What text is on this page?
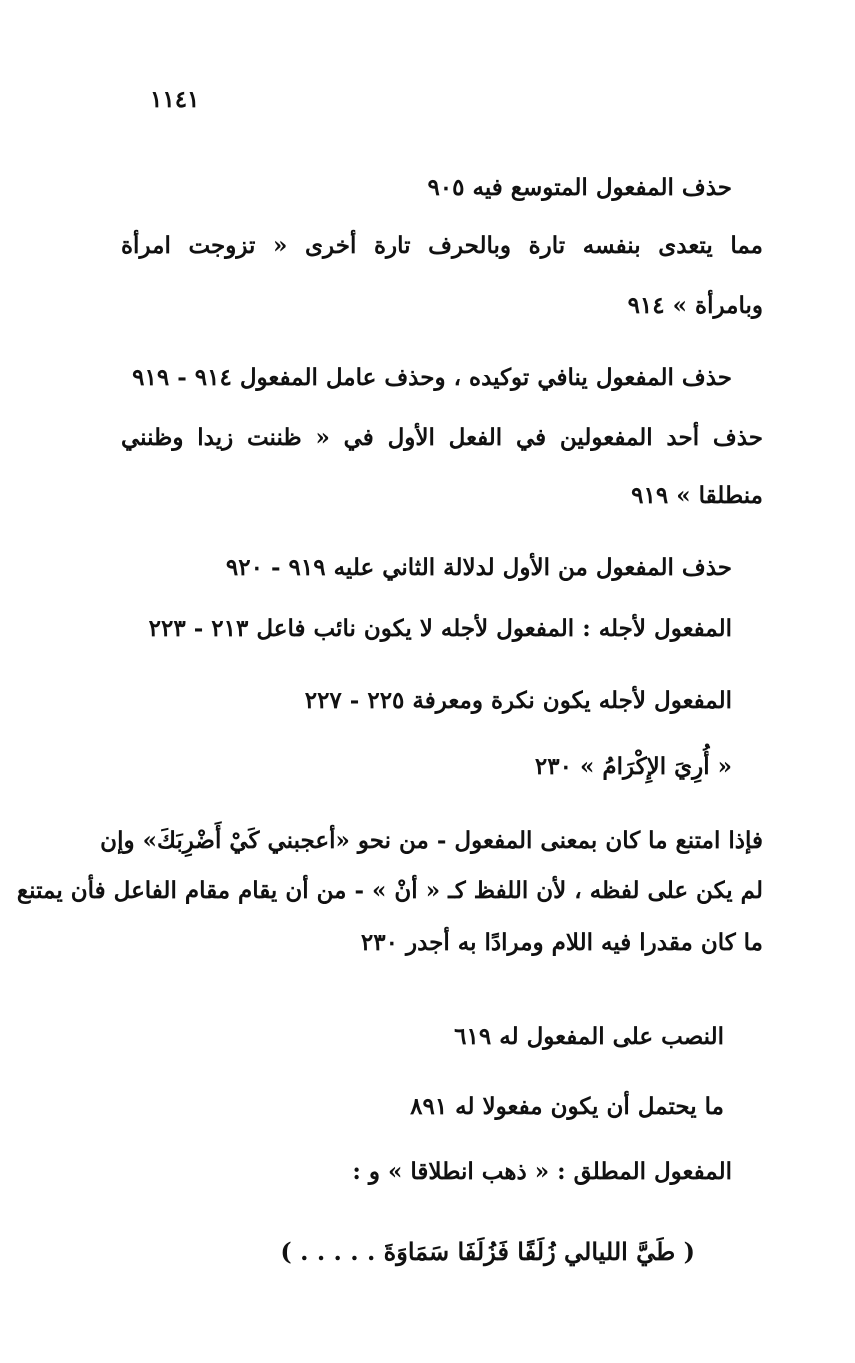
١١٤١
حذف المفعول المتوسع فيه ٩٠٥
مما يتعدى بنفسه تارة وبالحرف تارة أخرى « تزوجت امرأة
وبامرأة » ٩١٤
حذف المفعول ينافي توكيده ، وحذف عامل المفعول ٩١٤ - ٩١٩
حذف أحد المفعولين في الفعل الأول في « ظننت زيدا وظنني
منطلقا » ٩١٩
حذف المفعول من الأول لدلالة الثاني عليه ٩١٩ - ٩٢٠
المفعول لأجله : المفعول لأجله لا يكون نائب فاعل ٢١٣ - ٢٢٣
المفعول لأجله يكون نكرة ومعرفة ٢٢٥ - ٢٢٧
« أُرِيَ الإِكْرَامُ » ٢٣٠
فإذا امتنع ما كان بمعنى المفعول - من نحو «أعجبني كَيْ أَضْرِبَكَ» وإن
لم يكن على لفظه ، لأن اللفظ كـ « أنْ » - من أن يقام مقام الفاعل فأن يمتنع
ما كان مقدرا فيه اللام ومرادًا به أجدر ٢٣٠
النصب على المفعول له ٦١٩
ما يحتمل أن يكون مفعولا له ٨٩١
المفعول المطلق : « ذهب انطلاقا » و :
( طَيَّ الليالي زُلَفًا فَزُلَفَا سَمَاوَةَ . . . . . )
